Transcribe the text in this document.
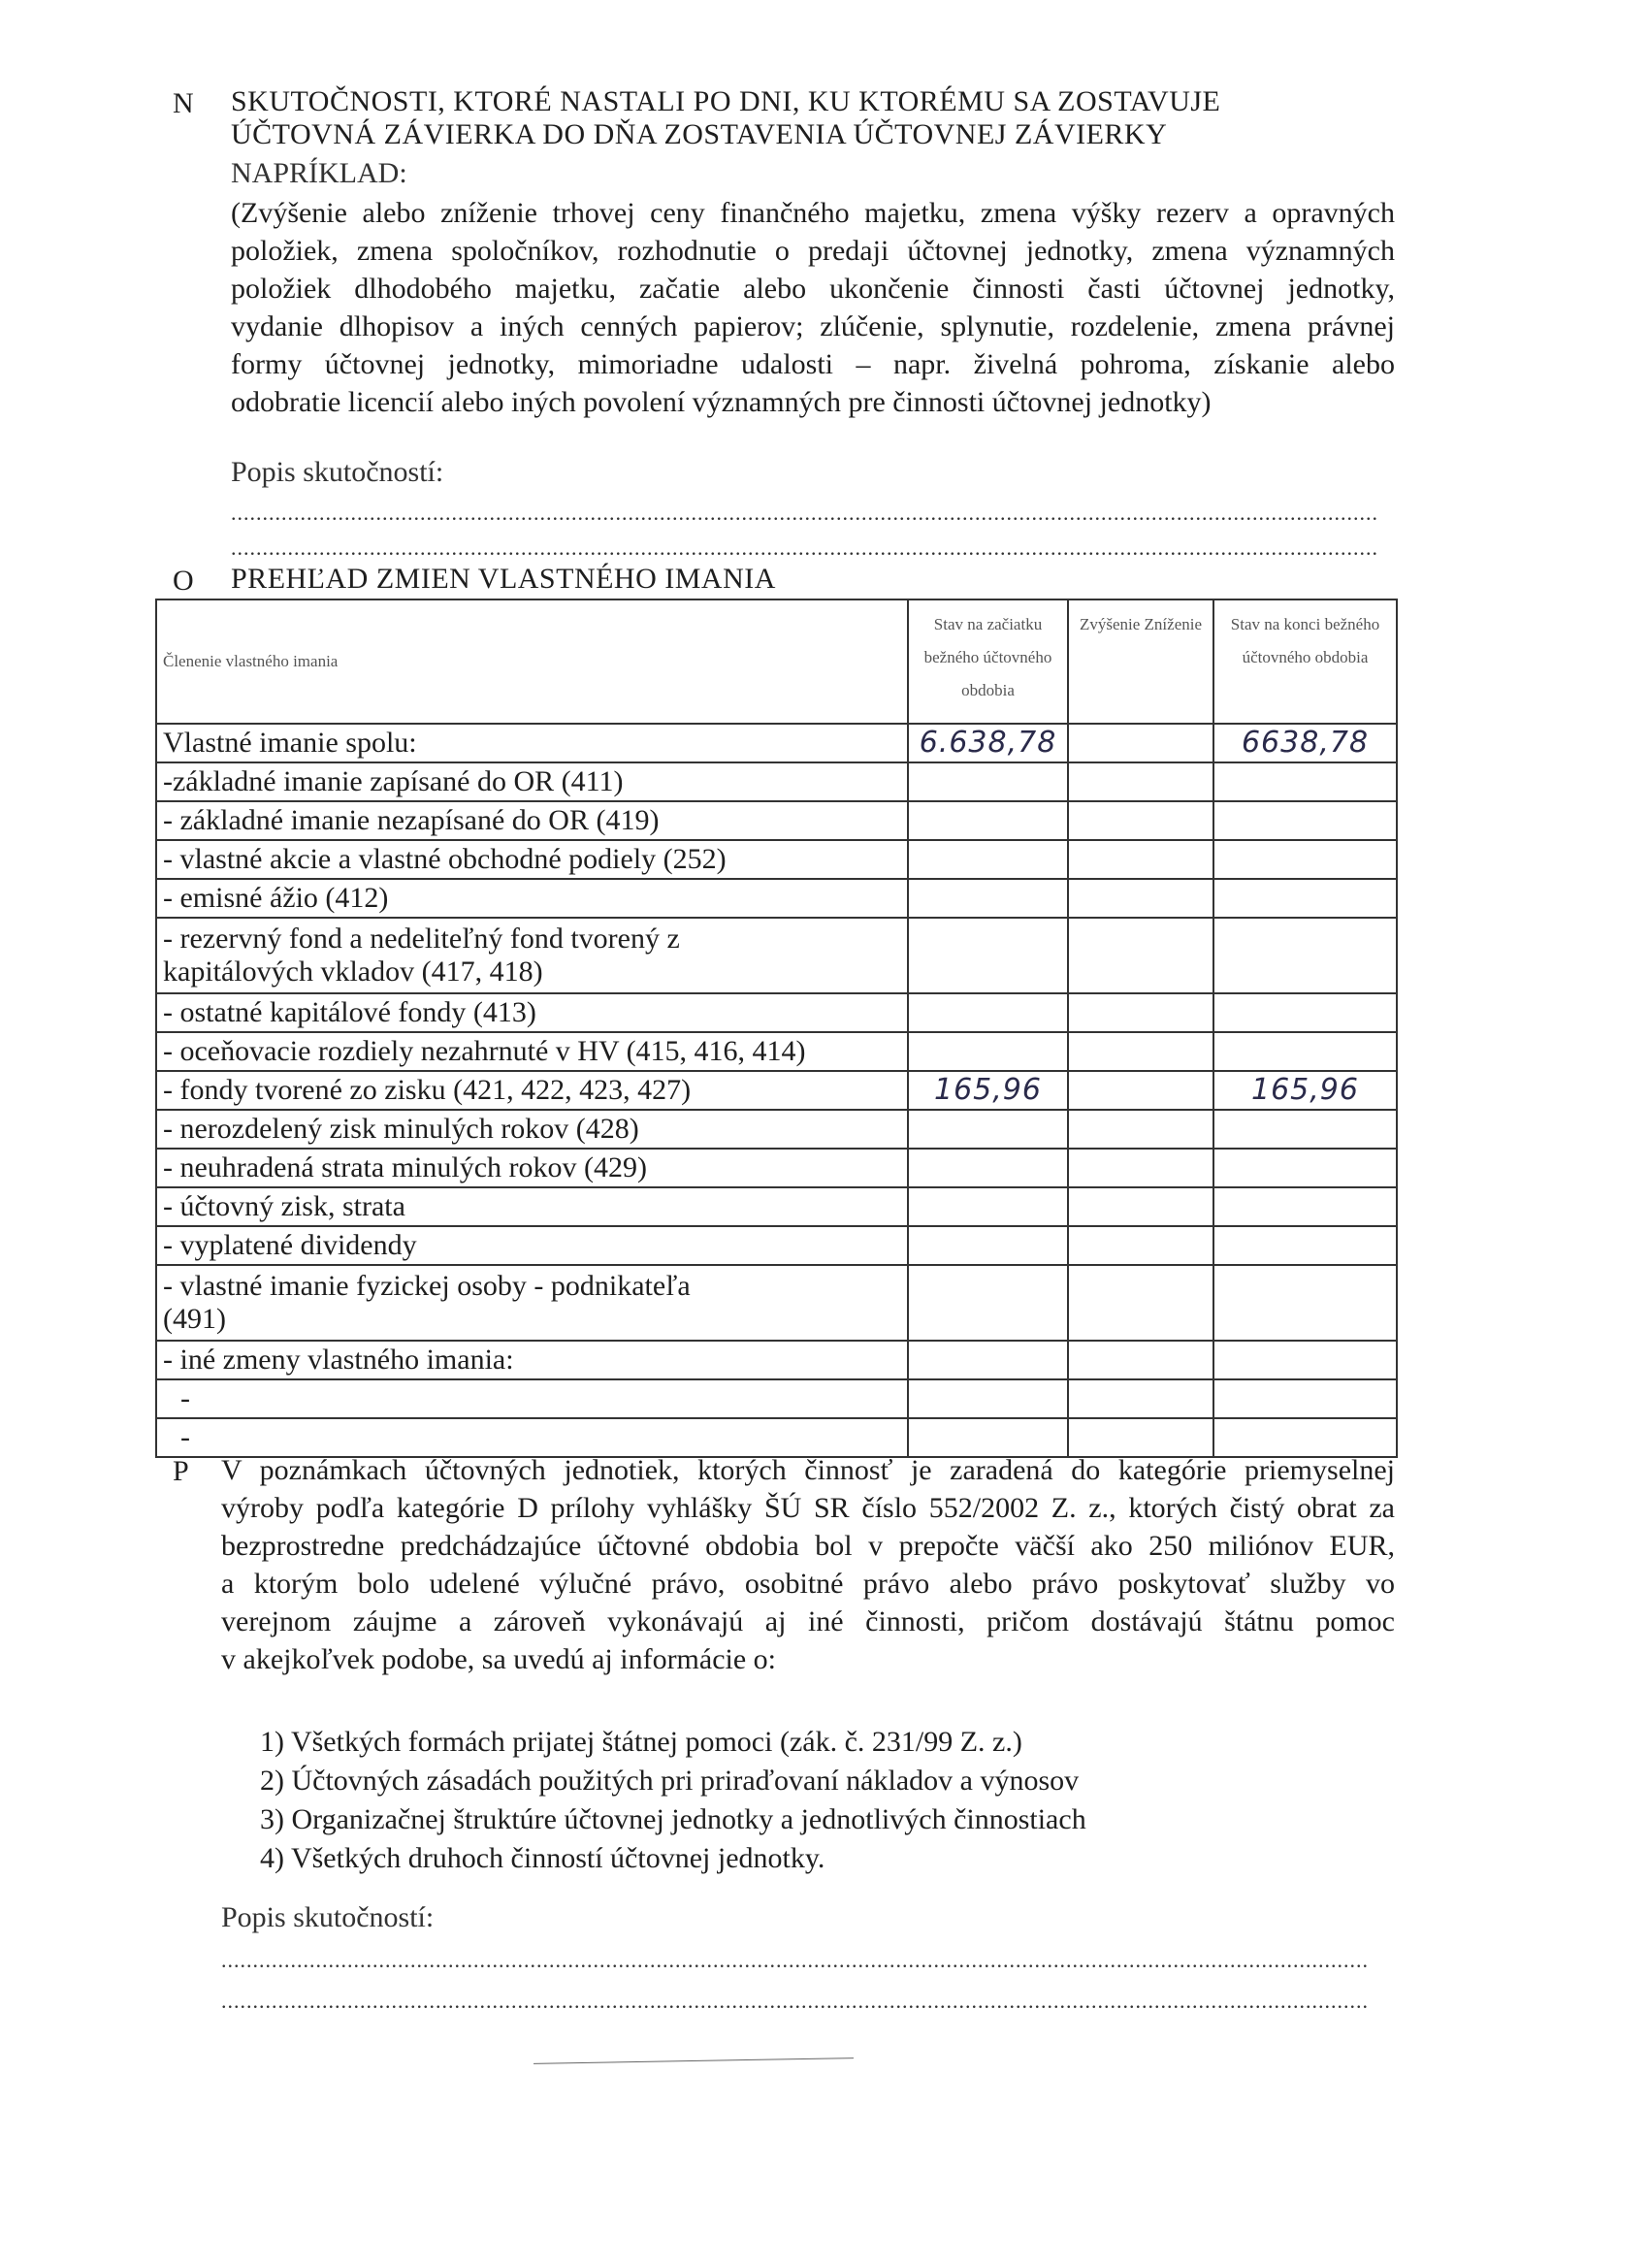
N SKUTOČNOSTI, KTORÉ NASTALI PO DNI, KU KTORÉMU SA ZOSTAVUJE
ÚČTOVNÁ ZÁVIERKA DO DŇA ZOSTAVENIA ÚČTOVNEJ ZÁVIERKY
NAPRÍKLAD:
(Zvýšenie alebo zníženie trhovej ceny finančného majetku, zmena výšky rezerv a opravných
položiek, zmena spoločníkov, rozhodnutie o predaji účtovnej jednotky, zmena významných
položiek dlhodobého majetku, začatie alebo ukončenie činnosti časti účtovnej jednotky,
vydanie dlhopisov a iných cenných papierov; zlúčenie, splynutie, rozdelenie, zmena právnej
formy účtovnej jednotky, mimoriadne udalosti – napr. živelná pohroma, získanie alebo
odobratie licencií alebo iných povolení významných pre činnosti účtovnej jednotky)
Popis skutočností:
......................................................................................................................................................................................
......................................................................................................................................................................................
O PREHĽAD ZMIEN VLASTNÉHO IMANIA
Členenie vlastného imania	Stav na začiatku bežného účtovného obdobia	Zvýšenie Zníženie	Stav na konci bežného účtovného obdobia
Vlastné imanie spolu:	6.638,78		6638,78
-základné imanie zapísané do OR (411)			
- základné imanie nezapísané do OR (419)			
- vlastné akcie a vlastné obchodné podiely (252)			
- emisné ážio (412)			
- rezervný fond a nedeliteľný fond tvorený z kapitálových vkladov (417, 418)			
- ostatné kapitálové fondy (413)			
- oceňovacie rozdiely nezahrnuté v HV (415, 416, 414)			
- fondy tvorené zo zisku (421, 422, 423, 427)	165,96		165,96
- nerozdelený zisk minulých rokov (428)			
- neuhradená strata minulých rokov (429)			
- účtovný zisk, strata			
- vyplatené dividendy			
- vlastné imanie fyzickej osoby - podnikateľa (491)			
- iné zmeny vlastného imania:			
-			
-			
P V poznámkach účtovných jednotiek, ktorých činnosť je zaradená do kategórie priemyselnej
výroby podľa kategórie D prílohy vyhlášky ŠÚ SR číslo 552/2002 Z. z., ktorých čistý obrat za
bezprostredne predchádzajúce účtovné obdobia bol v prepočte väčší ako 250 miliónov EUR,
a ktorým bolo udelené výlučné právo, osobitné právo alebo právo poskytovať služby vo
verejnom záujme a zároveň vykonávajú aj iné činnosti, pričom dostávajú štátnu pomoc
v akejkoľvek podobe, sa uvedú aj informácie o:
1) Všetkých formách prijatej štátnej pomoci (zák. č. 231/99 Z. z.)
2) Účtovných zásadách použitých pri priraďovaní nákladov a výnosov
3) Organizačnej štruktúre účtovnej jednotky a jednotlivých činnostiach
4) Všetkých druhoch činností účtovnej jednotky.
Popis skutočností:
......................................................................................................................................................................................
......................................................................................................................................................................................
